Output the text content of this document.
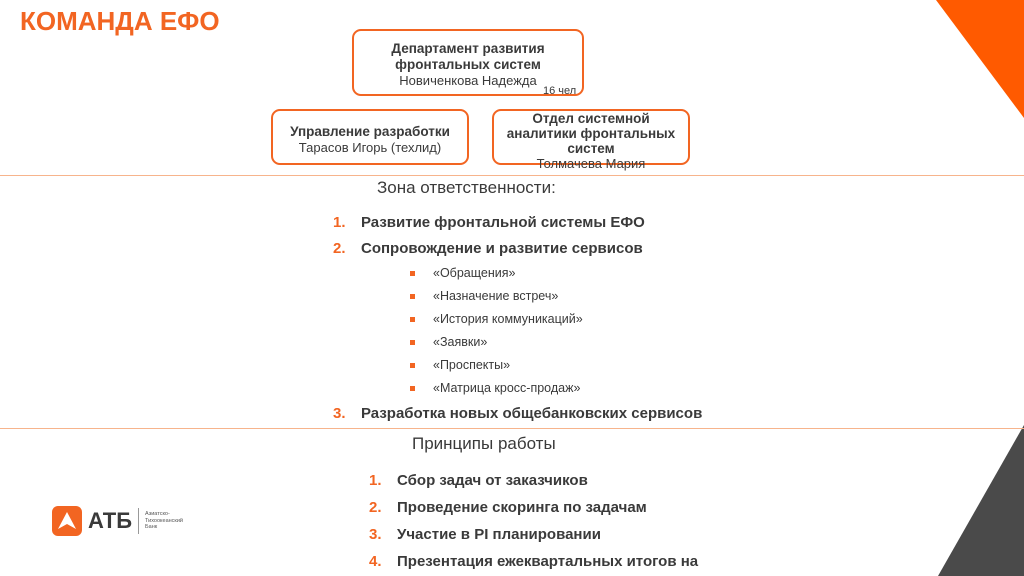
КОМАНДА ЕФО
Департамент развития фронтальных систем
Новиченкова Надежда
16 чел
Управление разработки
Тарасов Игорь (техлид)
Отдел системной аналитики фронтальных систем
Толмачева Мария
Зона ответственности:
1. Развитие фронтальной системы ЕФО
2. Сопровождение и развитие сервисов
«Обращения»
«Назначение встреч»
«История коммуникаций»
«Заявки»
«Проспекты»
«Матрица кросс-продаж»
3. Разработка новых общебанковских сервисов
Принципы работы
1. Сбор задач от заказчиков
2. Проведение скоринга по задачам
3. Участие в PI планировании
4. Презентация ежеквартальных итогов на
АТБ Азиатско-Тихоокеанский Банк
